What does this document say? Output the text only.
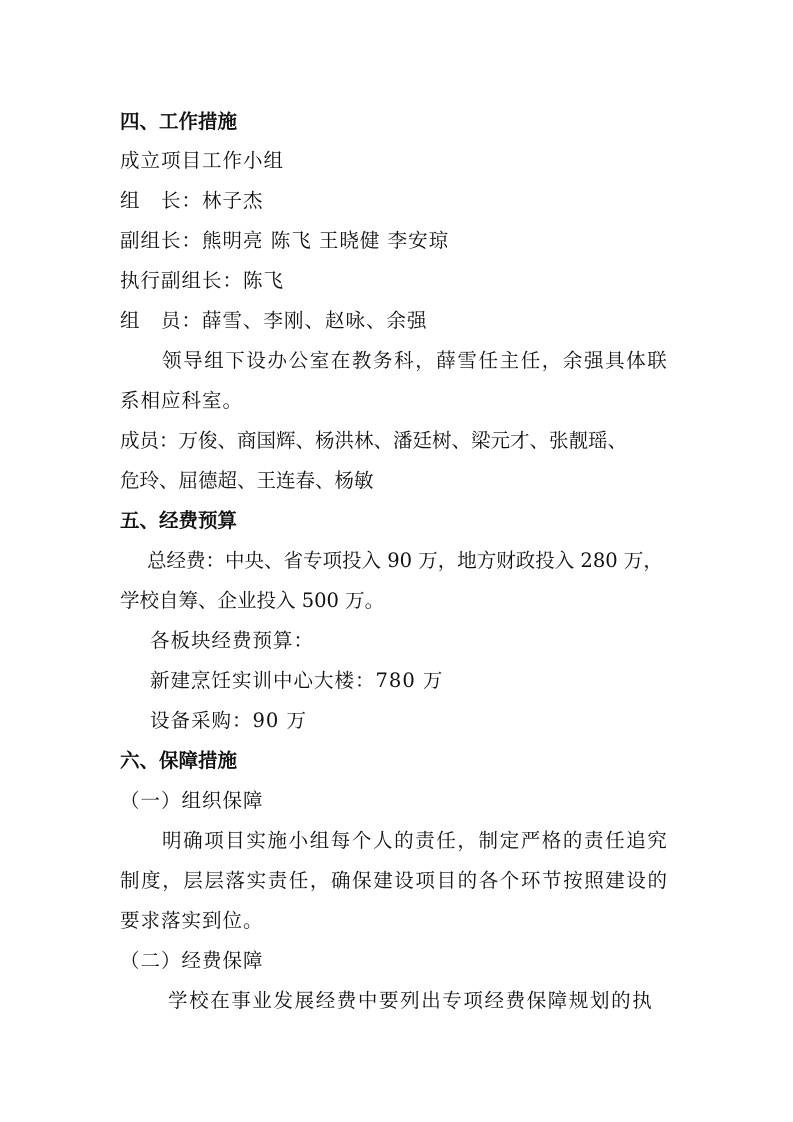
四、工作措施
成立项目工作小组
组　长：林子杰
副组长：熊明亮 陈飞 王晓健 李安琼
执行副组长：陈飞
组　员：薛雪、李刚、赵咏、余强
领导组下设办公室在教务科，薛雪任主任，余强具体联
系相应科室。
成员：万俊、商国辉、杨洪林、潘廷树、梁元才、张靓瑶、
危玲、屈德超、王连春、杨敏
五、经费预算
总经费：中央、省专项投入 90 万，地方财政投入 280 万，
学校自筹、企业投入 500 万。
各板块经费预算：
新建烹饪实训中心大楼：780 万
设备采购：90 万
六、保障措施
（一）组织保障
明确项目实施小组每个人的责任，制定严格的责任追究
制度，层层落实责任，确保建设项目的各个环节按照建设的
要求落实到位。
（二）经费保障
学校在事业发展经费中要列出专项经费保障规划的执
